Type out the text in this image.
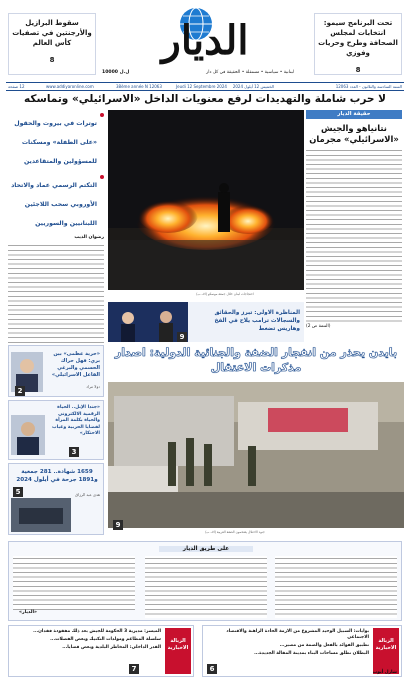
تحت البرنامج سيمو: انتخابات لمجلس الصحافة وطرح وحريات وفوزي
8
سقوط البرازيل والأرجنتين في تصفيات كأس العالم
8	الديار
لبنانية • سياسية • مستقلة • الحقيقة في كل دار
10000 ل.ل
السنة السادسة والثلاثون - العدد 12063
الخميس 12 أيلول 2024
Jeudi 12 Septembre 2024
38ème année N 12063
www.addiyaronline.com
12 صفحة
لا حرب شاملة والتهديدات لرفع معنويات الداخل «الاسرائيلي» وتماسكه
توترات في بيروت والحقول «على الطفلة» ومسكنات للمسؤولين والمتقاعدين
التكتم الرسمي عماد والاتحاد الأوروبي سحب اللاجئين اللبنانيين والسوريين
رضوان الذيب
احتجاجات لبنان خلال جمعة موسكو (اف ب)
حقيقة الديار
نتانياهو والجيش «الاسرائيلي» مجرمان
(التتمة ص 2)
9
المناظرة الاولى: تبرز والحقائق والسجالات ترامب يلاح في الفخ وهاريس تضغط
بايدن يحذر من انفجار الضفة والجنائية الدولية: اصدار مذكرات الاعتقال
9
جنود الاحتلال يقتحمون الضفة الغربية (اف ب)
«حرية عظمى» بين بري: فهل حراك الحسمي والبرغي الفاعل الاسرائيلي»
دولا مراد
2
«جندا الإبل.. الحياة الرقمية الالكتروني والحياة بكلمة المرأة لقضايا الحزبية وغياب الاحتكار»
3
1659 شهادة.. 281 جمعية و1891 جرحة في أيلول 2024
هدى عبد الرزاق
5
على طريق الديار
«الديار»
الزبالة الاخبارية
بوايات: السبيل الوحيد المشروع من الازمة الحادة الراهنة والاقتصاد الاجتماعي
تطبيق الفوائد بالفعل والضمة من مصير...
البطلان تطلق مساحات البناء بمدينة المقالة الجديدة...
شارل أيوب
6
الزبالة الاخبارية
الميسر: مديرية 3 الحكومة للجيش بعد ذلك مفقودة فقدان...
سلسلة المطاعم ومولدات التكتيك وبعض الفضلات...
القدر الداخلي: المخاطر البلدية وبعض قضايا...
7
